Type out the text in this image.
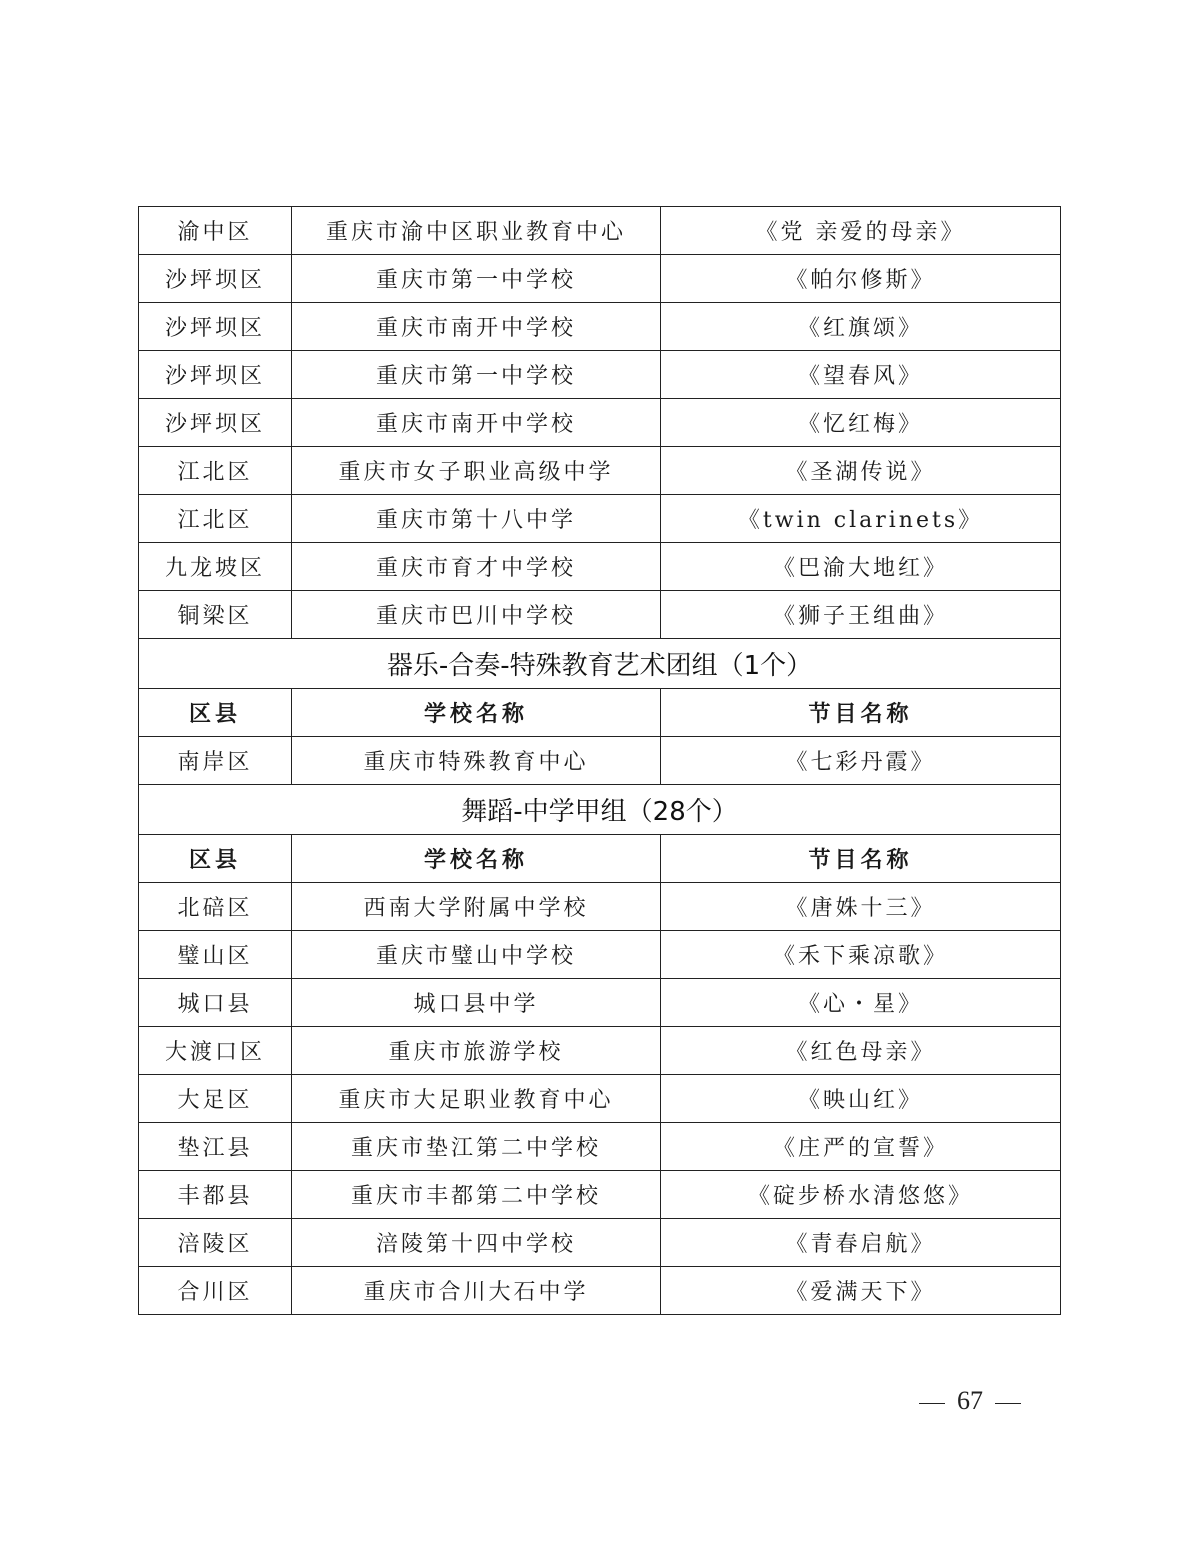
渝中区	重庆市渝中区职业教育中心	《党 亲爱的母亲》
沙坪坝区	重庆市第一中学校	《帕尔修斯》
沙坪坝区	重庆市南开中学校	《红旗颂》
沙坪坝区	重庆市第一中学校	《望春风》
沙坪坝区	重庆市南开中学校	《忆红梅》
江北区	重庆市女子职业高级中学	《圣湖传说》
江北区	重庆市第十八中学	《twin clarinets》
九龙坡区	重庆市育才中学校	《巴渝大地红》
铜梁区	重庆市巴川中学校	《狮子王组曲》
器乐-合奏-特殊教育艺术团组（1个）		
区县	学校名称	节目名称
南岸区	重庆市特殊教育中心	《七彩丹霞》
舞蹈-中学甲组（28个）		
区县	学校名称	节目名称
北碚区	西南大学附属中学校	《唐姝十三》
璧山区	重庆市璧山中学校	《禾下乘凉歌》
城口县	城口县中学	《心・星》
大渡口区	重庆市旅游学校	《红色母亲》
大足区	重庆市大足职业教育中心	《映山红》
垫江县	重庆市垫江第二中学校	《庄严的宣誓》
丰都县	重庆市丰都第二中学校	《碇步桥水清悠悠》
涪陵区	涪陵第十四中学校	《青春启航》
合川区	重庆市合川大石中学	《爱满天下》
67
